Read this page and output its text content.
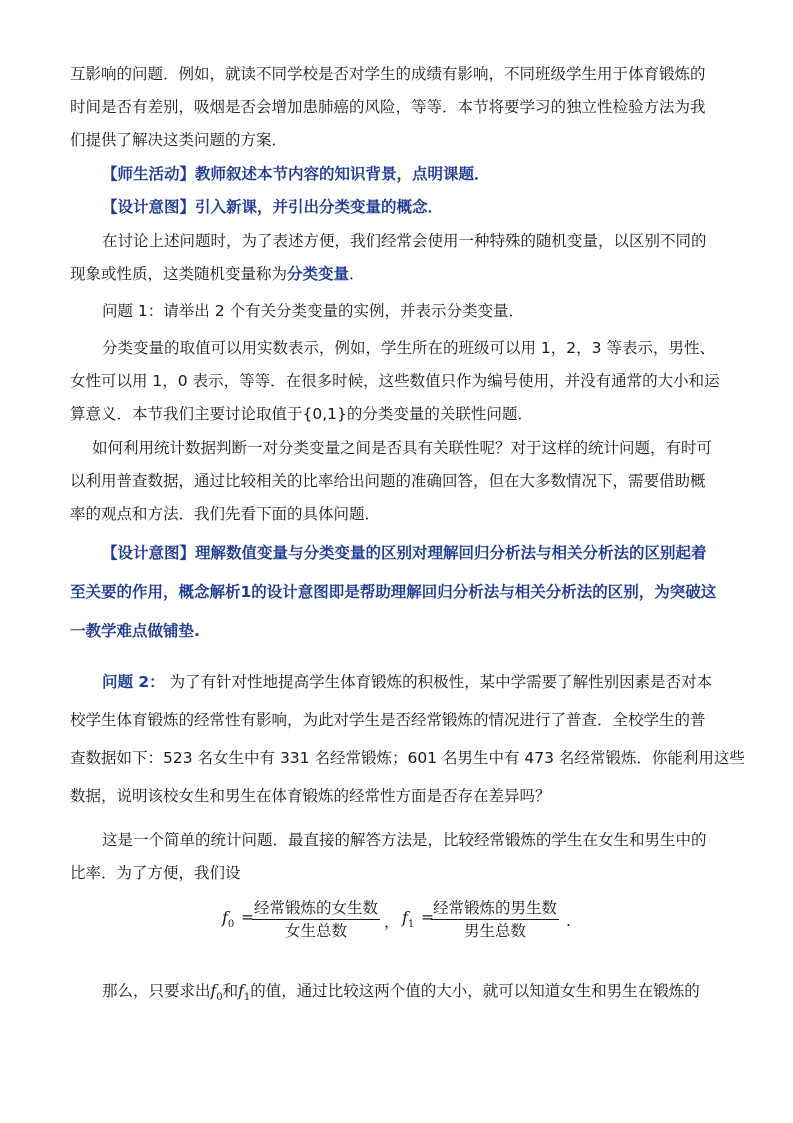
互影响的问题．例如，就读不同学校是否对学生的成绩有影响，不同班级学生用于体育锻炼的
时间是否有差别，吸烟是否会增加患肺癌的风险，等等．本节将要学习的独立性检验方法为我
们提供了解决这类问题的方案．
【师生活动】教师叙述本节内容的知识背景，点明课题．
【设计意图】引入新课，并引出分类变量的概念．
在讨论上述问题时，为了表述方便，我们经常会使用一种特殊的随机变量，以区别不同的
现象或性质，这类随机变量称为分类变量．
问题 1：请举出 2 个有关分类变量的实例，并表示分类变量．
分类变量的取值可以用实数表示，例如，学生所在的班级可以用 1，2，3 等表示，男性、
女性可以用 1，0 表示，等等．在很多时候，这些数值只作为编号使用，并没有通常的大小和运
算意义．本节我们主要讨论取值于{0,1}的分类变量的关联性问题．
如何利用统计数据判断一对分类变量之间是否具有关联性呢？对于这样的统计问题，有时可
以利用普查数据，通过比较相关的比率给出问题的准确回答，但在大多数情况下，需要借助概
率的观点和方法．我们先看下面的具体问题．
【设计意图】理解数值变量与分类变量的区别对理解回归分析法与相关分析法的区别起着
至关要的作用，概念解析1的设计意图即是帮助理解回归分析法与相关分析法的区别，为突破这
一教学难点做铺垫.
问题 2： 为了有针对性地提高学生体育锻炼的积极性，某中学需要了解性别因素是否对本
校学生体育锻炼的经常性有影响，为此对学生是否经常锻炼的情况进行了普查．全校学生的普
查数据如下：523 名女生中有 331 名经常锻炼；601 名男生中有 473 名经常锻炼．你能利用这些
数据，说明该校女生和男生在体育锻炼的经常性方面是否存在差异吗？
这是一个简单的统计问题．最直接的解答方法是，比较经常锻炼的学生在女生和男生中的
比率．为了方便，我们设
$f_0$ = 经常锻炼的女生数
女生总数	， $f_1$ = 经常锻炼的男生数
男生总数
.
那么，只要求出$f_0$和$f_1$的值，通过比较这两个值的大小，就可以知道女生和男生在锻炼的
